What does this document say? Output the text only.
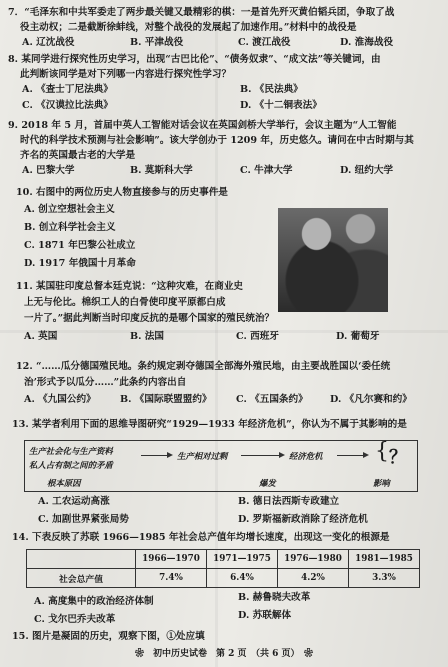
7．“毛泽东和中共军委走了两步最关键又最精彩的棋：一是首先歼灭黄伯韬兵团，争取了战
役主动权；二是截断徐蚌线，对整个战役的发展起了加速作用。”材料中的战役是
A. 辽沈战役	B. 平津战役	C. 渡江战役	D. 淮海战役
8. 某同学进行探究性历史学习，出现“古巴比伦”、“债务奴隶”、“成文法”等关键词，由
此判断该同学是对下列哪一内容进行探究性学习？
A. 《查士丁尼法典》	B. 《民法典》
C. 《汉谟拉比法典》	D. 《十二铜表法》
9. 2018 年 5 月，首届中英人工智能对话会议在英国剑桥大学举行，会议主题为“人工智能
时代的科学技术预测与社会影响”。该大学创办于 1209 年，历史悠久。请问在中古时期与其
齐名的英国最古老的大学是
A. 巴黎大学	B. 莫斯科大学	C. 牛津大学	D. 纽约大学
10. 右图中的两位历史人物直接参与的历史事件是
A. 创立空想社会主义
B. 创立科学社会主义
C. 1871 年巴黎公社成立
D. 1917 年俄国十月革命
11. 某国驻印度总督本廷克说：“这种灾难，在商业史
上无与伦比。棉织工人的白骨使印度平原都白成
一片了。”据此判断当时印度反抗的是哪个国家的殖民统治？
A. 英国	B. 法国	C. 西班牙	D. 葡萄牙
12. “……瓜分德国殖民地。条约规定剥夺德国全部海外殖民地，由主要战胜国以‘委任统
治’形式予以瓜分……”此条约内容出自
A. 《九国公约》	B. 《国际联盟盟约》	C. 《五国条约》 D. 《凡尔赛和约》
13. 某学者利用下面的思维导图研究“1929—1933 年经济危机”，你认为不属于其影响的是
生产社会化与生产资料
私人占有制之间的矛盾
生产相对过剩	经济危机 { ？
根本原因	爆发	影响
A. 工农运动高涨	B. 德日法西斯专政建立
C. 加剧世界紧张局势	D. 罗斯福新政消除了经济危机
14. 下表反映了苏联 1966—1985 年社会总产值年均增长速度，出现这一变化的根源是
	1966—1970	1971—1975	1976—1980	1981—1985
社会总产值	7.4%	6.4%	4.2%	3.3%
A. 高度集中的政治经济体制	B. 赫鲁晓夫改革
C. 戈尔巴乔夫改革	D. 苏联解体
15. 图片是凝固的历史，观察下图，①处应填
❀　初中历史试卷　第 2 页　（共 6 页）　❀
